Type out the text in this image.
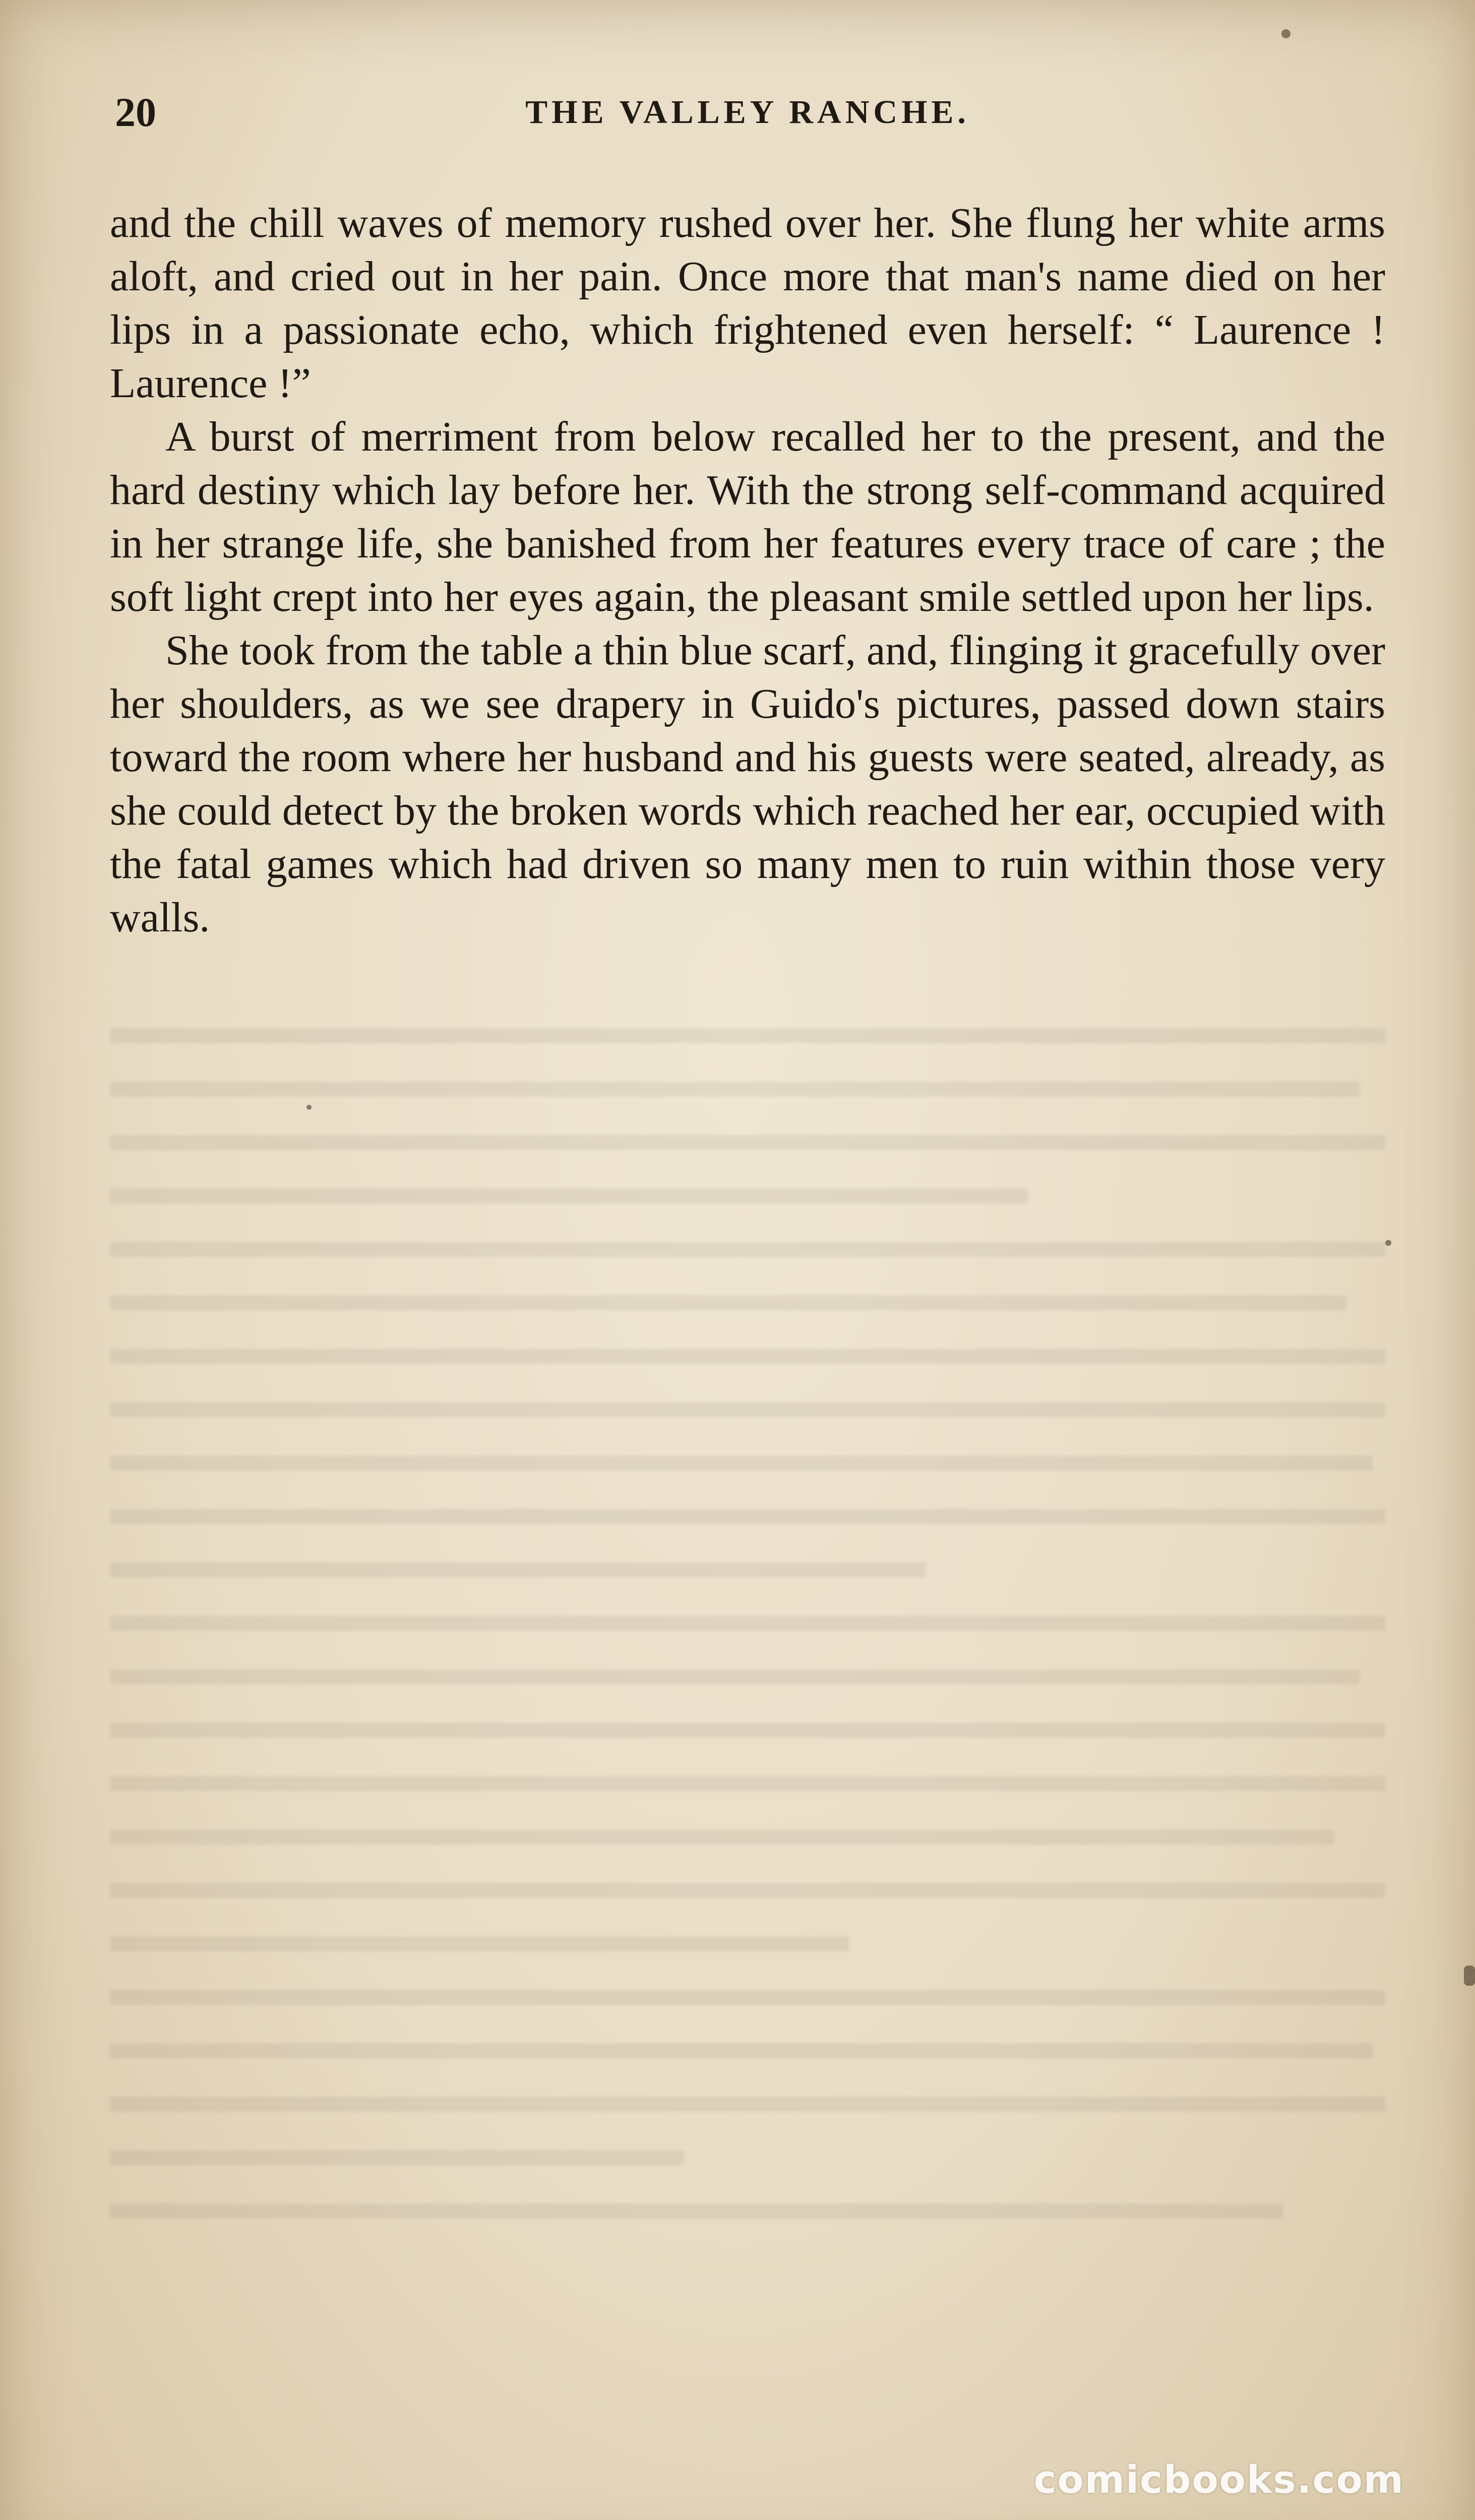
20	THE VALLEY RANCHE.

and the chill waves of memory rushed over her. She flung her white arms aloft, and cried out in her pain. Once more that man's name died on her lips in a passionate echo, which frightened even herself: “ Laurence ! Laurence !”

A burst of merriment from below recalled her to the present, and the hard destiny which lay before her. With the strong self-command acquired in her strange life, she banished from her features every trace of care ; the soft light crept into her eyes again, the pleasant smile settled upon her lips.

She took from the table a thin blue scarf, and, flinging it gracefully over her shoulders, as we see drapery in Guido's pictures, passed down stairs toward the room where her husband and his guests were seated, already, as she could detect by the broken words which reached her ear, occupied with the fatal games which had driven so many men to ruin within those very walls.

comicbooks.com
